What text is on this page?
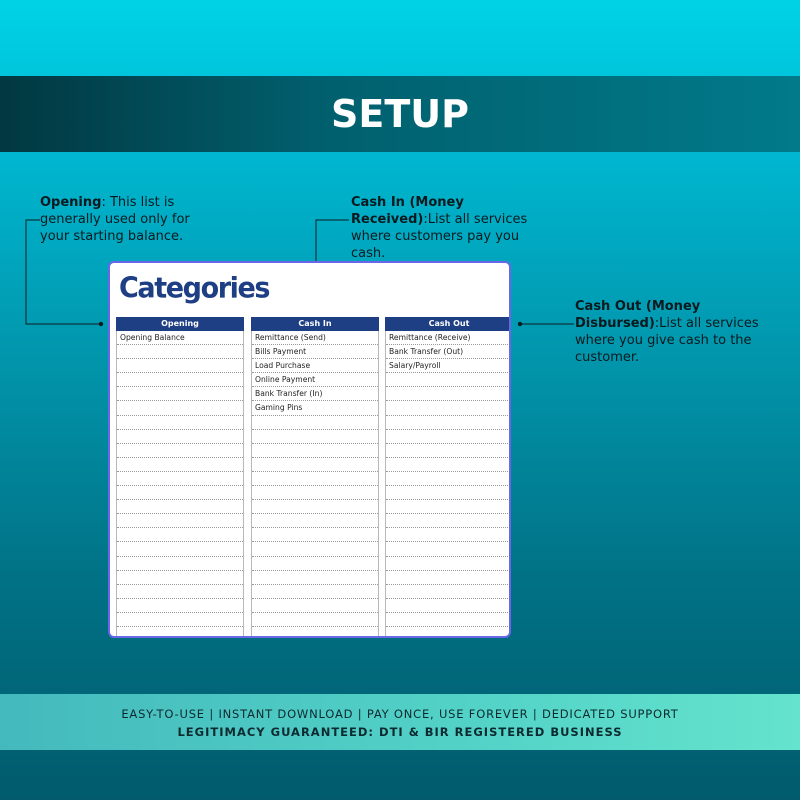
SETUP
Opening: This list is generally used only for your starting balance.
Cash In (Money Received):List all services where customers pay you cash.
Cash Out (Money Disbursed):List all services where you give cash to the customer.
Categories
Opening
Opening Balance
Cash In
Remittance (Send)
Bills Payment
Load Purchase
Online Payment
Bank Transfer (In)
Gaming Pins
Cash Out
Remittance (Receive)
Bank Transfer (Out)
Salary/Payroll
EASY-TO-USE | INSTANT DOWNLOAD | PAY ONCE, USE FOREVER | DEDICATED SUPPORT
LEGITIMACY GUARANTEED: DTI & BIR REGISTERED BUSINESS
